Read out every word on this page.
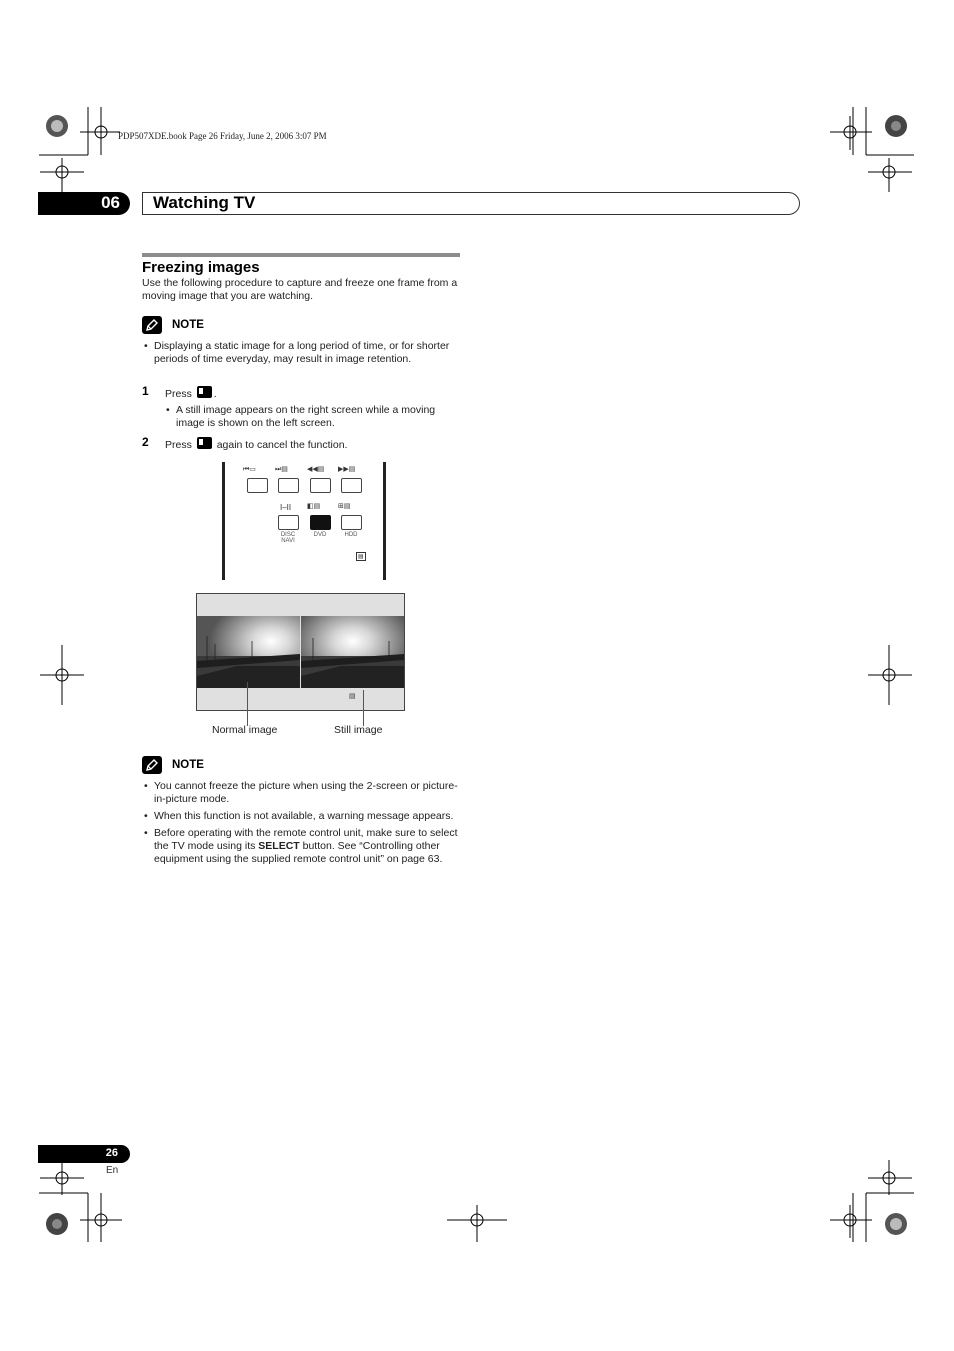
PDP507XDE.book Page 26 Friday, June 2, 2006 3:07 PM
06 Watching TV
Freezing images
Use the following procedure to capture and freeze one frame from a moving image that you are watching.
NOTE
• Displaying a static image for a long period of time, or for shorter periods of time everyday, may result in image retention.
1 Press .
• A still image appears on the right screen while a moving image is shown on the left screen.
2 Press again to cancel the function.
⏮▭	⏭▤	◀◀▤ ▶▶▤
I–II ◧▤	⊞▤
DISC
NAVI
DVD	HDD
▤
▤
Normal image	Still image
NOTE
• You cannot freeze the picture when using the 2-screen or picture-in-picture mode.
• When this function is not available, a warning message appears.
• Before operating with the remote control unit, make sure to select the TV mode using its SELECT button. See “Controlling other equipment using the supplied remote control unit” on page 63.
26
En
